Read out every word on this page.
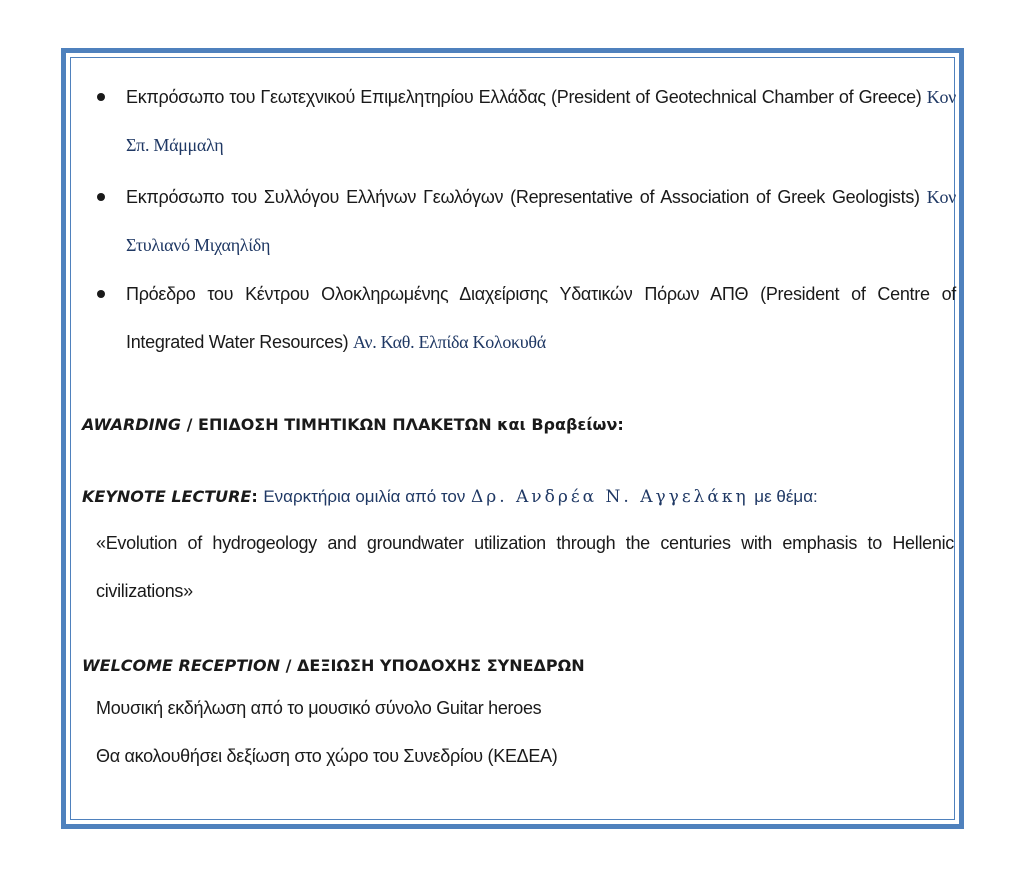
Εκπρόσωπο του Γεωτεχνικού Επιμελητηρίου Ελλάδας (President of Geotechnical Chamber of Greece) Κον Σπ. Μάμμαλη
Εκπρόσωπο του Συλλόγου Ελλήνων Γεωλόγων (Representative of Association of Greek Geologists) Κον Στυλιανό Μιχαηλίδη
Πρόεδρο του Κέντρου Ολοκληρωμένης Διαχείρισης Υδατικών Πόρων ΑΠΘ (President of Centre of Integrated Water Resources) Αν. Καθ. Ελπίδα Κολοκυθά
AWARDING / ΕΠΙΔΟΣΗ ΤΙΜΗΤΙΚΩΝ ΠΛΑΚΕΤΩΝ και Βραβείων:
KEYNOTE LECTURE: Εναρκτήρια ομιλία από τον Δρ. Ανδρέα Ν. Αγγελάκη με θέμα:
«Evolution of hydrogeology and groundwater utilization through the centuries with emphasis to Hellenic civilizations»
WELCOME RECEPTION / ΔΕΞΙΩΣΗ ΥΠΟΔΟΧΗΣ ΣΥΝΕΔΡΩΝ
Μουσική εκδήλωση από το μουσικό σύνολο Guitar heroes
Θα ακολουθήσει δεξίωση στο χώρο του Συνεδρίου (ΚΕΔΕΑ)
